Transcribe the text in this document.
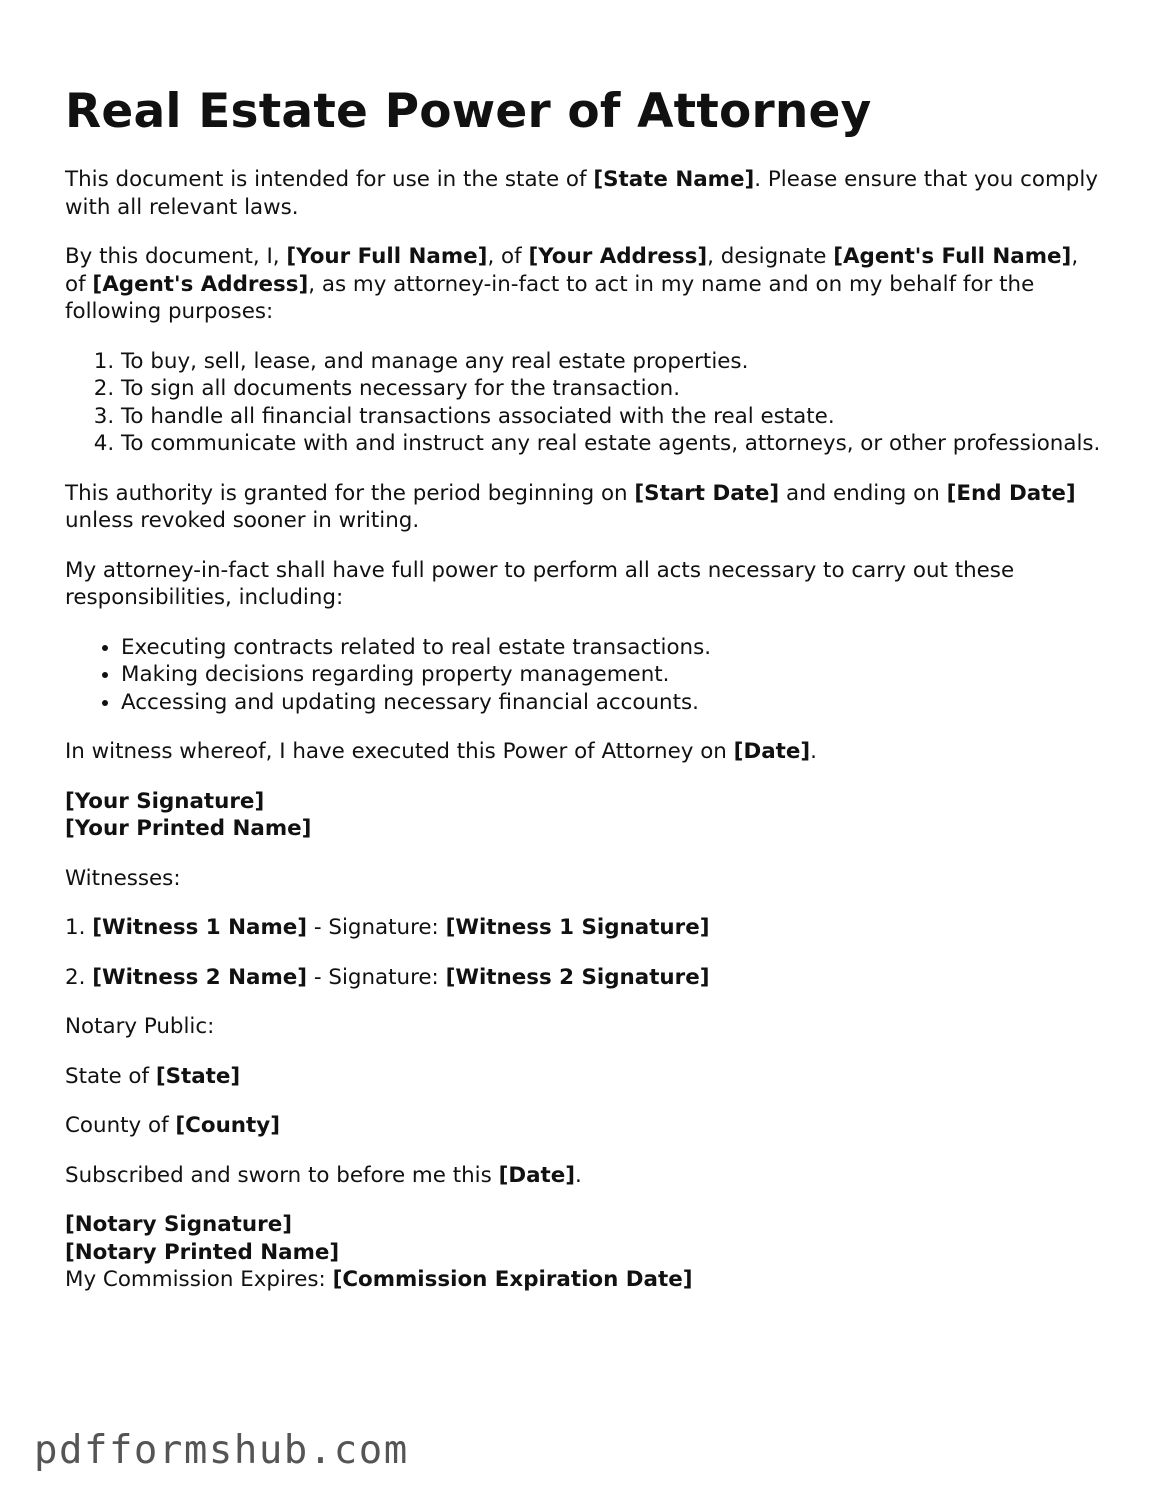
Real Estate Power of Attorney

This document is intended for use in the state of [State Name]. Please ensure that you comply with all relevant laws.

By this document, I, [Your Full Name], of [Your Address], designate [Agent's Full Name], of [Agent's Address], as my attorney-in-fact to act in my name and on my behalf for the following purposes:

1. To buy, sell, lease, and manage any real estate properties.
2. To sign all documents necessary for the transaction.
3. To handle all financial transactions associated with the real estate.
4. To communicate with and instruct any real estate agents, attorneys, or other professionals.

This authority is granted for the period beginning on [Start Date] and ending on [End Date] unless revoked sooner in writing.

My attorney-in-fact shall have full power to perform all acts necessary to carry out these responsibilities, including:

• Executing contracts related to real estate transactions.
• Making decisions regarding property management.
• Accessing and updating necessary financial accounts.

In witness whereof, I have executed this Power of Attorney on [Date].

[Your Signature]
[Your Printed Name]

Witnesses:

1. [Witness 1 Name] - Signature: [Witness 1 Signature]

2. [Witness 2 Name] - Signature: [Witness 2 Signature]

Notary Public:

State of [State]

County of [County]

Subscribed and sworn to before me this [Date].

[Notary Signature]
[Notary Printed Name]
My Commission Expires: [Commission Expiration Date]

pdfformshub.com
